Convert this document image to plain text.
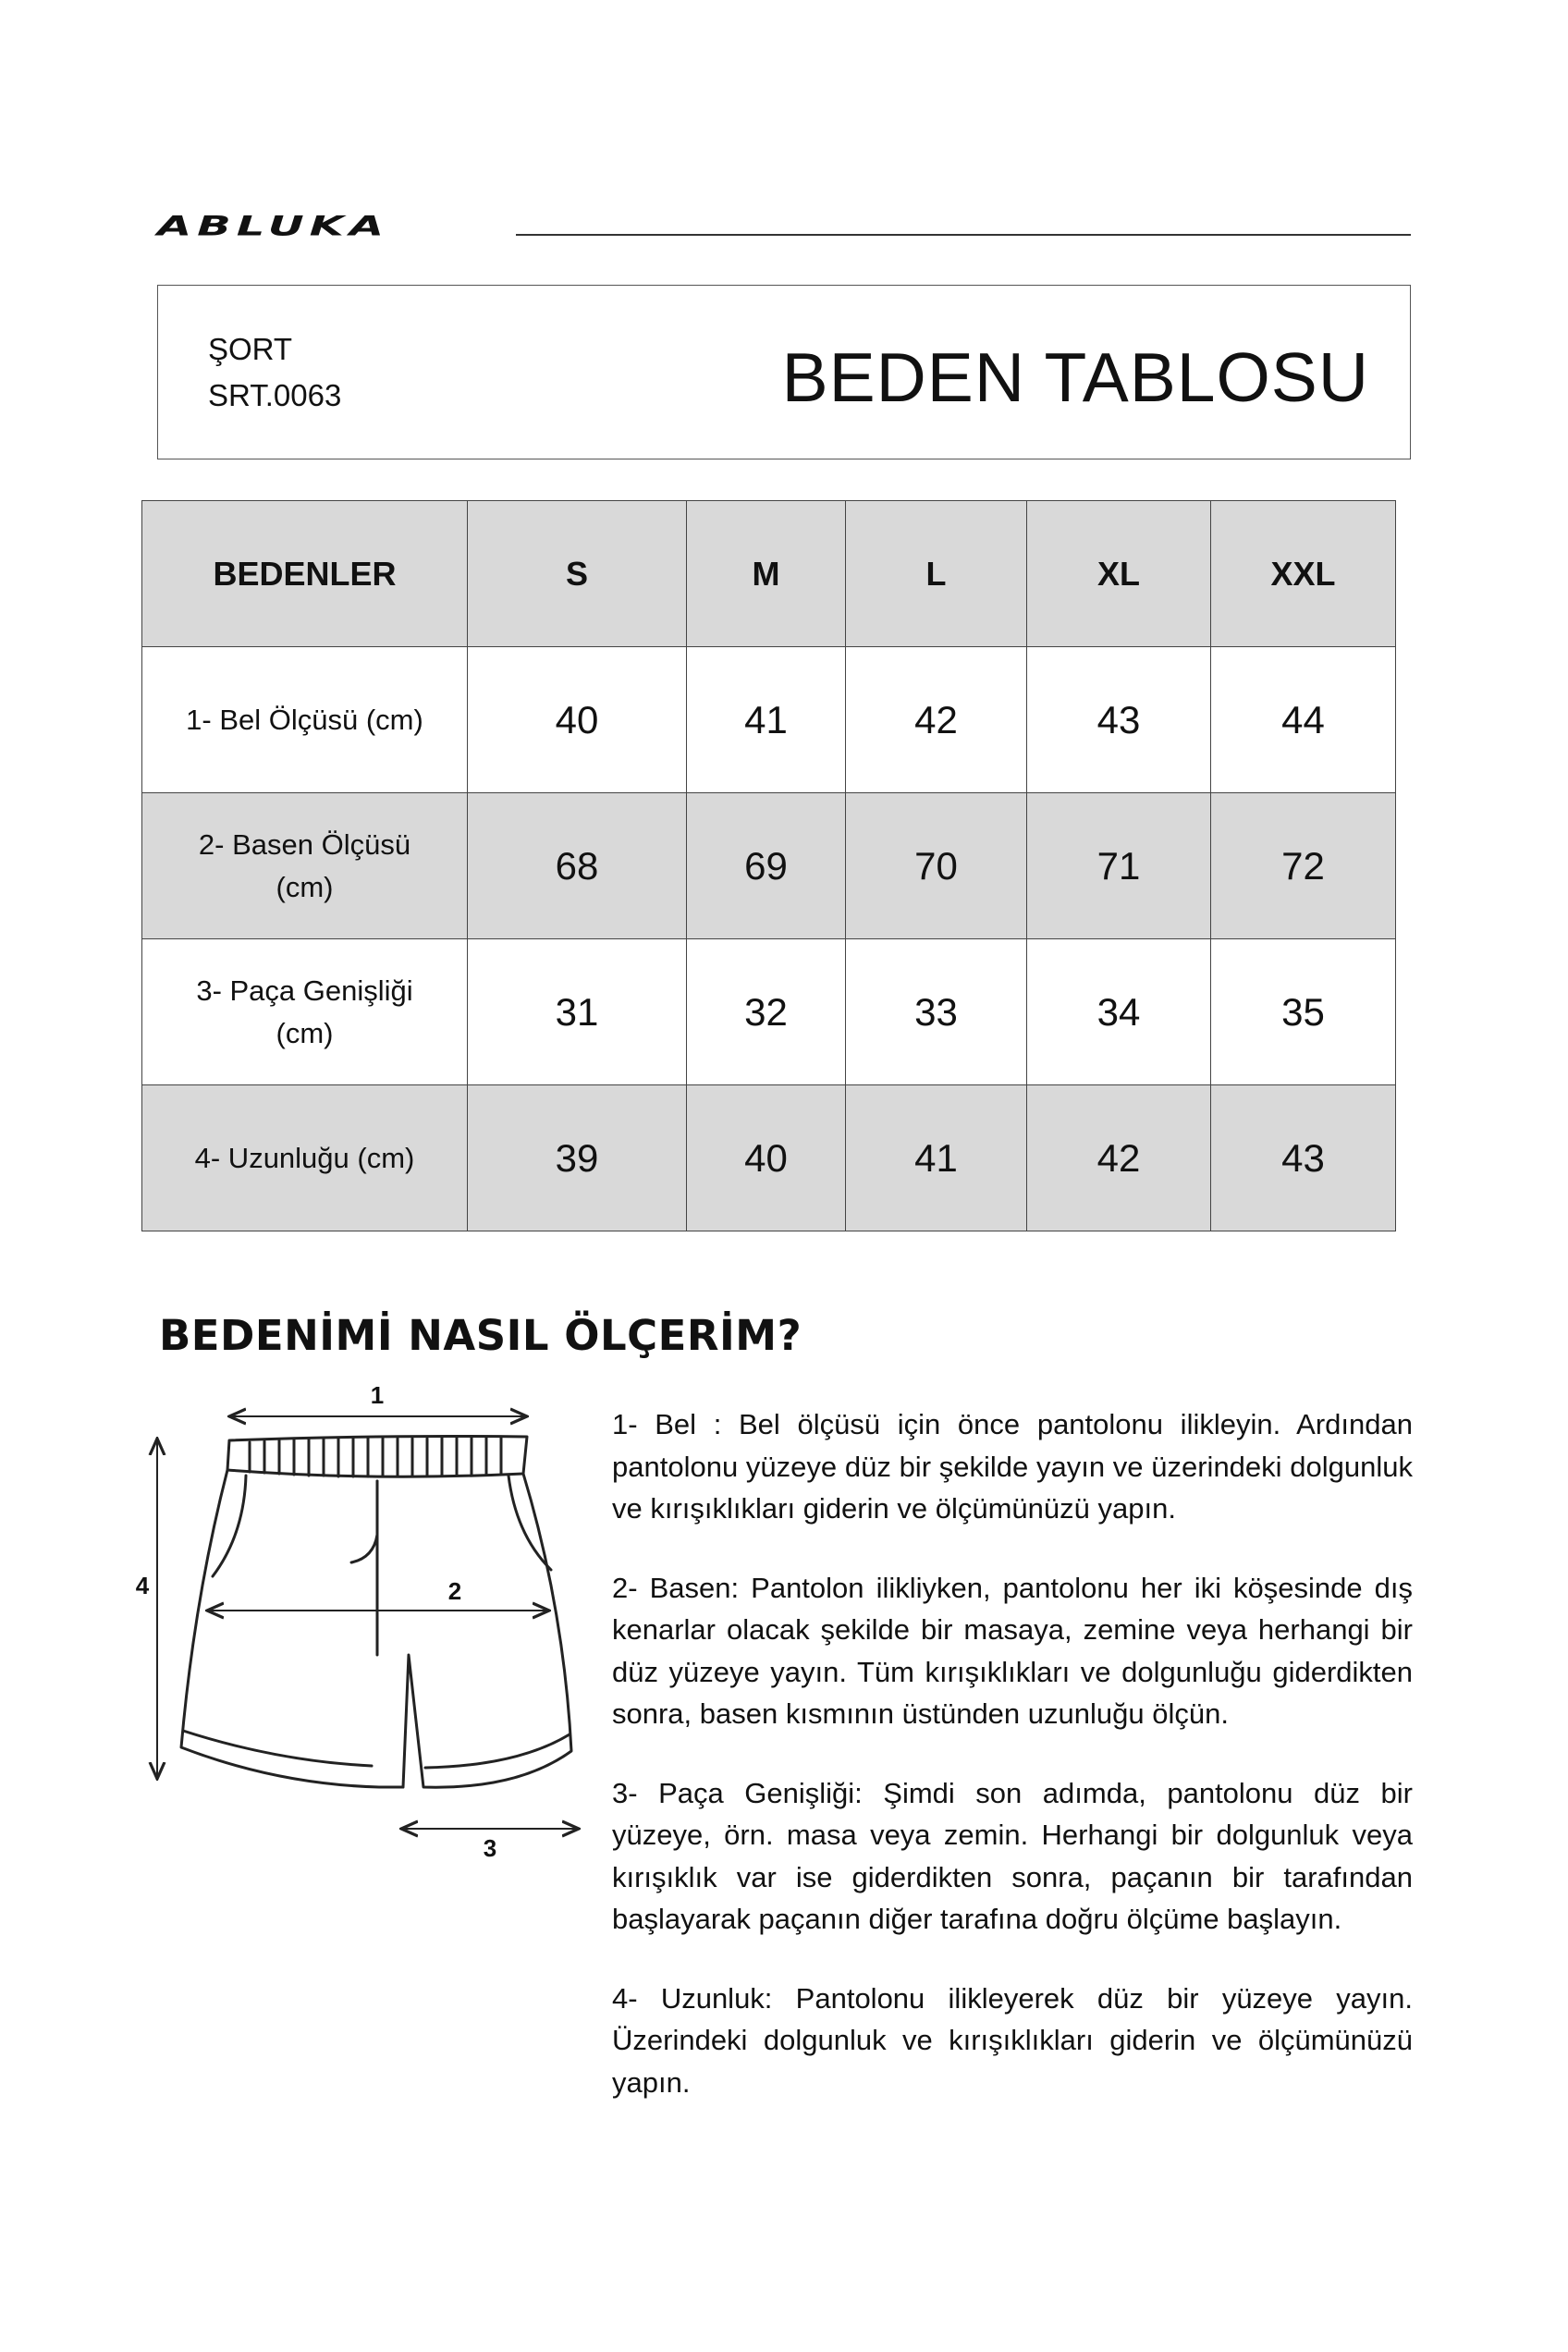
ABLUKA
ŞORT
SRT.0063	BEDEN TABLOSU
BEDENLER	S	M	L	XL	XXL
1- Bel Ölçüsü (cm)	40	41	42	43	44
2- Basen Ölçüsü (cm)	68	69	70	71	72
3- Paça Genişliği (cm)	31	32	33	34	35
4- Uzunluğu (cm)	39	40	41	42	43
BEDENİMİ NASIL ÖLÇERİM?
1
2
3
4

1- Bel : Bel ölçüsü için önce pantolonu ilikleyin. Ardından pantolonu yüzeye düz bir şekilde yayın ve üzerindeki dolgunluk ve kırışıklıkları giderin ve ölçümünüzü yapın.

2- Basen: Pantolon ilikliyken, pantolonu her iki köşesinde dış kenarlar olacak şekilde bir masaya, zemine veya herhangi bir düz yüzeye yayın. Tüm kırışıklıkları ve dolgunluğu giderdikten sonra, basen kısmının üstünden uzunluğu ölçün.

3- Paça Genişliği: Şimdi son adımda, pantolonu düz bir yüzeye, örn. masa veya zemin. Herhangi bir dolgunluk veya kırışıklık var ise giderdikten sonra, paçanın bir tarafından başlayarak paçanın diğer tarafına doğru ölçüme başlayın.

4- Uzunluk: Pantolonu ilikleyerek düz bir yüzeye yayın. Üzerindeki dolgunluk ve kırışıklıkları giderin ve ölçümünüzü yapın.
